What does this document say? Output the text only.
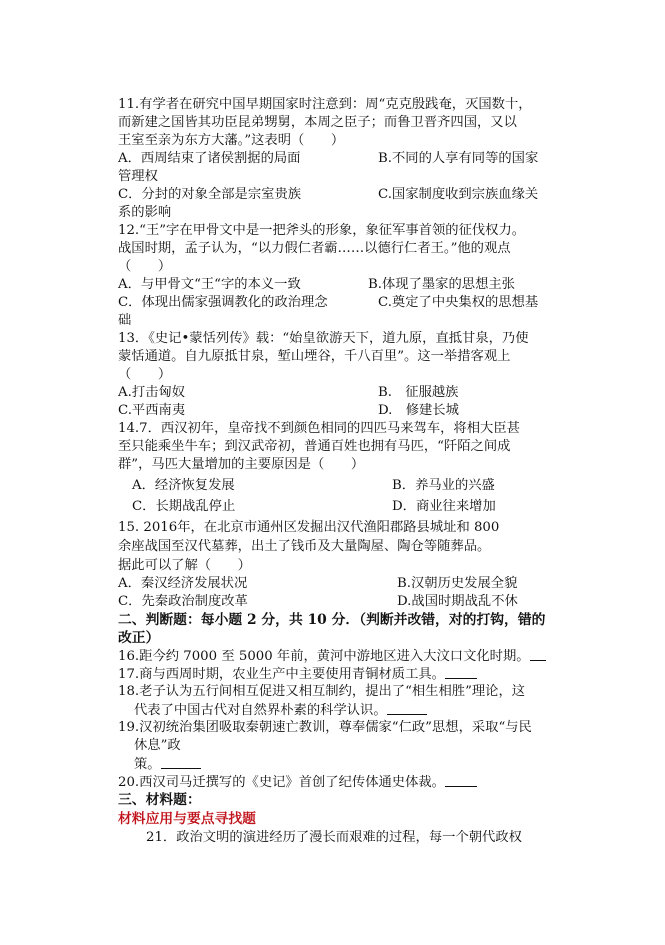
11.有学者在研究中国早期国家时注意到：周“克克殷践奄，灭国数十，
而新建之国皆其功臣昆弟甥舅，本周之臣子；而鲁卫晋齐四国，又以
王室至亲为东方大藩。”这表明（　　）
A．西周结束了诸侯割据的局面	B.不同的人享有同等的国家
管理权
C．分封的对象全部是宗室贵族	C.国家制度收到宗族血缘关
系的影响
12.“王”字在甲骨文中是一把斧头的形象，象征军事首领的征伐权力。
战国时期，孟子认为，“以力假仁者霸……以德行仁者王。”他的观点
（　　）
A．与甲骨文“王“字的本义一致	B.体现了墨家的思想主张
C．体现出儒家强调教化的政治理念	C.奠定了中央集权的思想基
础
13．《史记•蒙恬列传》载：“始皇欲游天下，道九原，直抵甘泉，乃使
蒙恬通道。自九原抵甘泉，堑山堙谷，千八百里”。这一举措客观上
（　　）
A.打击匈奴	B.　征服越族
C.平西南夷	D.　修建长城
14.7．西汉初年，皇帝找不到颜色相同的四匹马来驾车，将相大臣甚
至只能乘坐牛车；到汉武帝初，普通百姓也拥有马匹，“阡陌之间成
群”，马匹大量增加的主要原因是（　　）
A．经济恢复发展	B．养马业的兴盛
C．长期战乱停止	D．商业往来增加
15. 2016年，在北京市通州区发掘出汉代渔阳郡路县城址和 800
余座战国至汉代墓葬，出土了钱币及大量陶屋、陶仓等随葬品。
据此可以了解（　　）
A．秦汉经济发展状况	B.汉朝历史发展全貌
C．先秦政治制度改革	D.战国时期战乱不休
二、判断题：每小题 2 分，共 10 分．（判断并改错，对的打钩，错的
改正）
16.距今约 7000 至 5000 年前，黄河中游地区进入大汶口文化时期。
17.商与西周时期，农业生产中主要使用青铜材质工具。
18.老子认为五行间相互促进又相互制约，提出了“相生相胜”理论，这
代表了中国古代对自然界朴素的科学认识。
19.汉初统治集团吸取秦朝速亡教训，尊奉儒家“仁政”思想，采取“与民
休息”政
策。
20.西汉司马迁撰写的《史记》首创了纪传体通史体裁。
三、材料题：
材料应用与要点寻找题
21．政治文明的演进经历了漫长而艰难的过程，每一个朝代政权
